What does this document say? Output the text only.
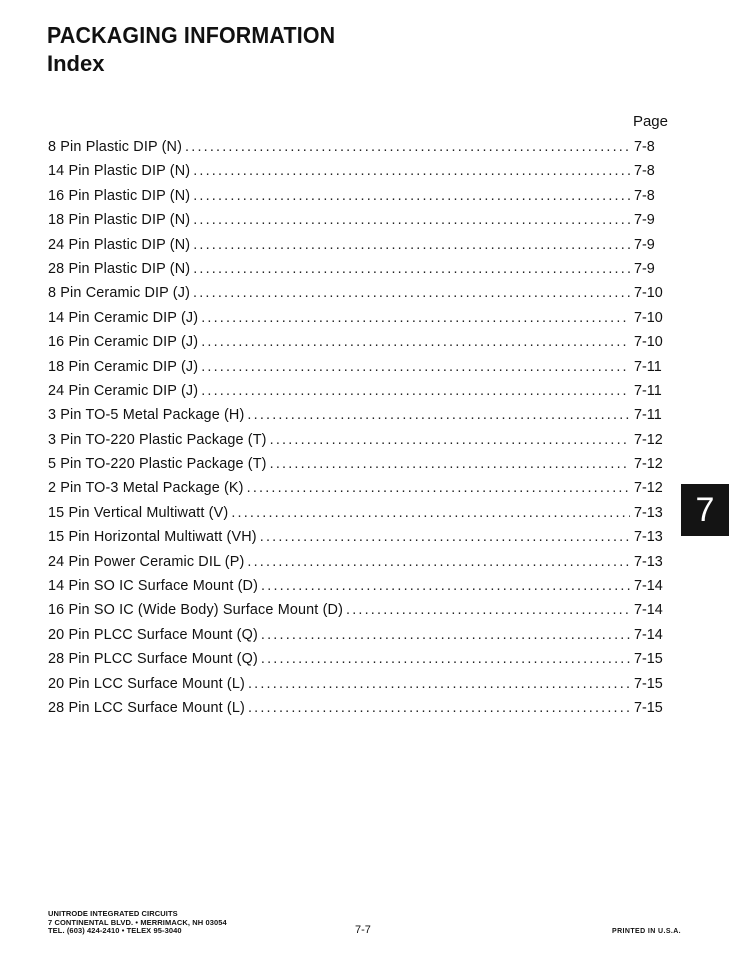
PACKAGING INFORMATION
Index
Page
8 Pin Plastic DIP (N) . . .	7-8
14 Pin Plastic DIP (N) . . .	7-8
16 Pin Plastic DIP (N) . . .	7-8
18 Pin Plastic DIP (N) . . .	7-9
24 Pin Plastic DIP (N) . . .	7-9
28 Pin Plastic DIP (N) . . .	7-9
8 Pin Ceramic DIP (J) . . .	7-10
14 Pin Ceramic DIP (J) . . .	7-10
16 Pin Ceramic DIP (J) . . .	7-10
18 Pin Ceramic DIP (J) . . .	7-11
24 Pin Ceramic DIP (J) . . .	7-11
3 Pin TO-5 Metal Package (H) . . .	7-11
3 Pin TO-220 Plastic Package (T) . . .	7-12
5 Pin TO-220 Plastic Package (T) . . .	7-12
2 Pin TO-3 Metal Package (K) . . .	7-12
15 Pin Vertical Multiwatt (V) . . .	7-13
15 Pin Horizontal Multiwatt (VH) . . .	7-13
24 Pin Power Ceramic DIL (P) . . .	7-13
14 Pin SO IC Surface Mount (D) . . .	7-14
16 Pin SO IC (Wide Body) Surface Mount (D) . . .	7-14
20 Pin PLCC Surface Mount (Q) . . .	7-14
28 Pin PLCC Surface Mount (Q) . . .	7-15
20 Pin LCC Surface Mount (L) . . .	7-15
28 Pin LCC Surface Mount (L) . . .	7-15
7
UNITRODE INTEGRATED CIRCUITS
7 CONTINENTAL BLVD. • MERRIMACK, NH 03054
TEL. (603) 424-2410 • TELEX 95-3040	7-7	PRINTED IN U.S.A.
